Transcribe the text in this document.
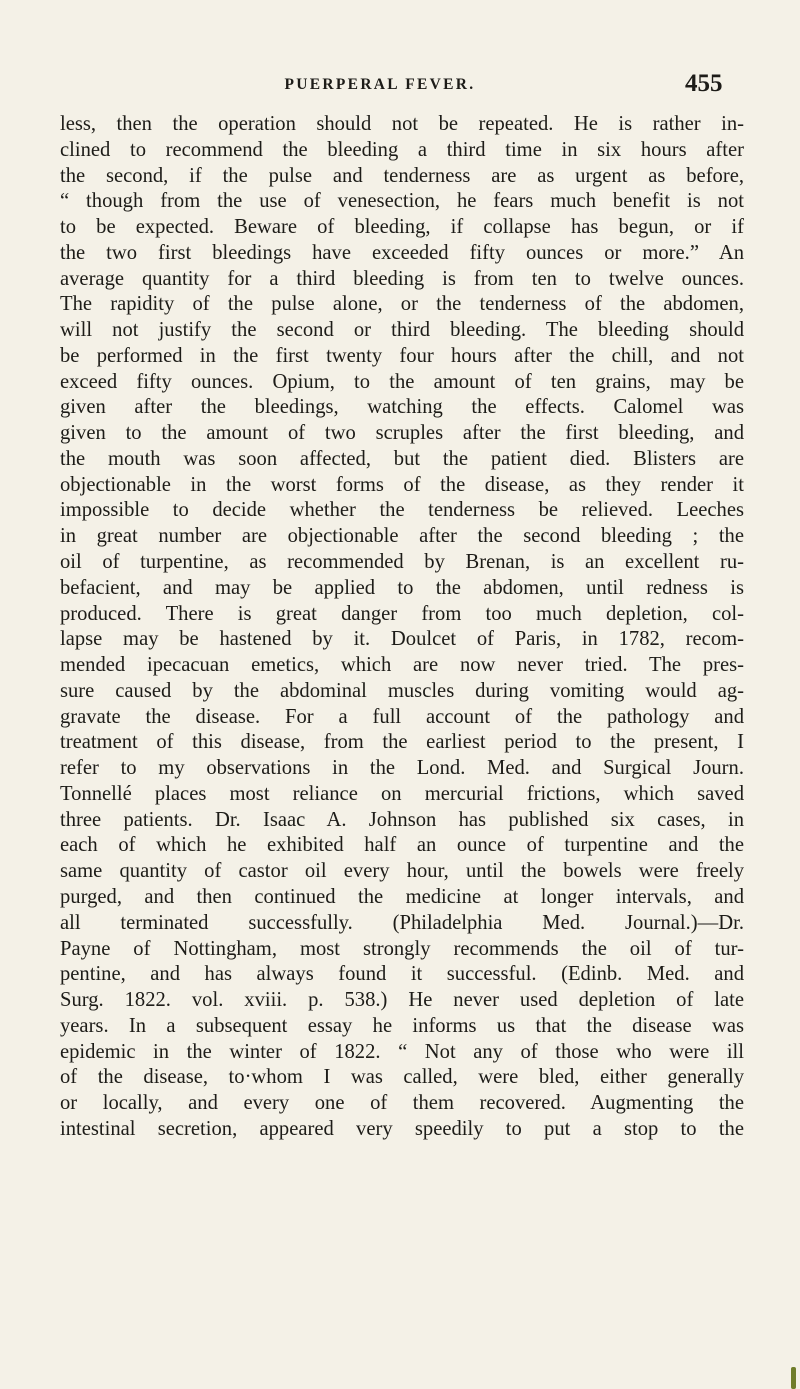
PUERPERAL FEVER.	455
less, then the operation should not be repeated. He is rather in-
clined to recommend the bleeding a third time in six hours after
the second, if the pulse and tenderness are as urgent as before,
“ though from the use of venesection, he fears much benefit is not
to be expected. Beware of bleeding, if collapse has begun, or if
the two first bleedings have exceeded fifty ounces or more.” An
average quantity for a third bleeding is from ten to twelve ounces.
The rapidity of the pulse alone, or the tenderness of the abdomen,
will not justify the second or third bleeding. The bleeding should
be performed in the first twenty four hours after the chill, and not
exceed fifty ounces. Opium, to the amount of ten grains, may be
given after the bleedings, watching the effects. Calomel was
given to the amount of two scruples after the first bleeding, and
the mouth was soon affected, but the patient died. Blisters are
objectionable in the worst forms of the disease, as they render it
impossible to decide whether the tenderness be relieved. Leeches
in great number are objectionable after the second bleeding ; the
oil of turpentine, as recommended by Brenan, is an excellent ru-
befacient, and may be applied to the abdomen, until redness is
produced. There is great danger from too much depletion, col-
lapse may be hastened by it. Doulcet of Paris, in 1782, recom-
mended ipecacuan emetics, which are now never tried. The pres-
sure caused by the abdominal muscles during vomiting would ag-
gravate the disease. For a full account of the pathology and
treatment of this disease, from the earliest period to the present, I
refer to my observations in the Lond. Med. and Surgical Journ.
Tonnellé places most reliance on mercurial frictions, which saved
three patients. Dr. Isaac A. Johnson has published six cases, in
each of which he exhibited half an ounce of turpentine and the
same quantity of castor oil every hour, until the bowels were freely
purged, and then continued the medicine at longer intervals, and
all terminated successfully. (Philadelphia Med. Journal.)—Dr.
Payne of Nottingham, most strongly recommends the oil of tur-
pentine, and has always found it successful. (Edinb. Med. and
Surg. 1822. vol. xviii. p. 538.) He never used depletion of late
years. In a subsequent essay he informs us that the disease was
epidemic in the winter of 1822. “ Not any of those who were ill
of the disease, to·whom I was called, were bled, either generally
or locally, and every one of them recovered. Augmenting the
intestinal secretion, appeared very speedily to put a stop to the
